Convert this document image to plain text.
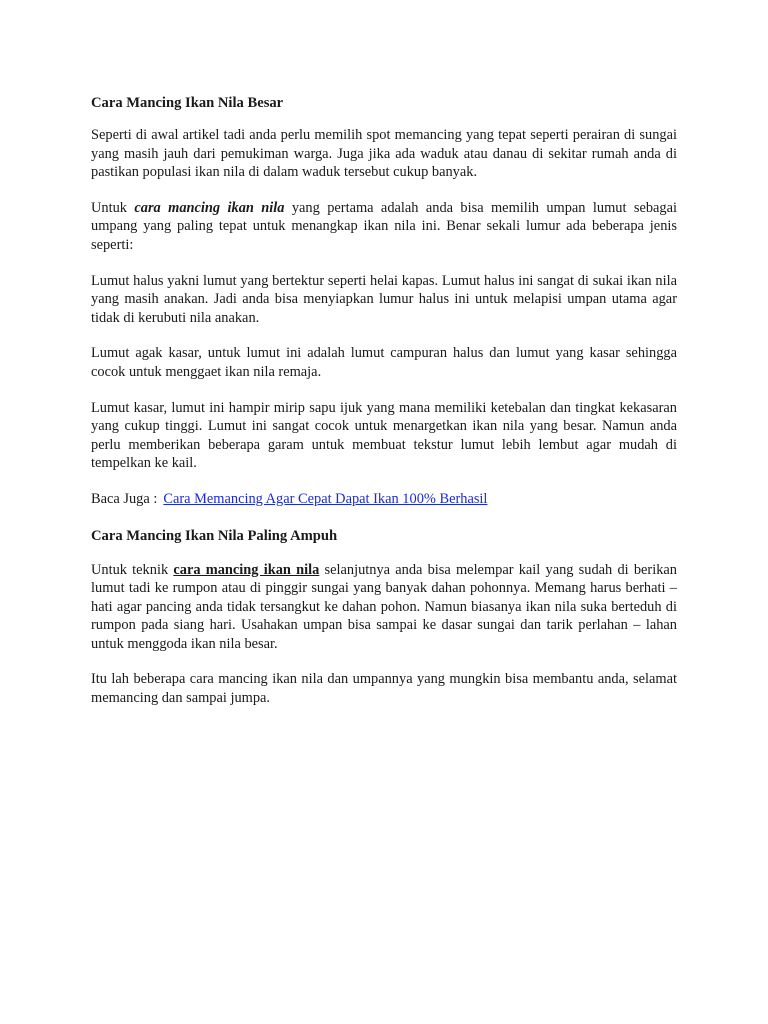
Cara Mancing Ikan Nila Besar

Seperti di awal artikel tadi anda perlu memilih spot memancing yang tepat seperti perairan di sungai yang masih jauh dari pemukiman warga. Juga jika ada waduk atau danau di sekitar rumah anda di pastikan populasi ikan nila di dalam waduk tersebut cukup banyak.

Untuk cara mancing ikan nila yang pertama adalah anda bisa memilih umpan lumut sebagai umpang yang paling tepat untuk menangkap ikan nila ini. Benar sekali lumur ada beberapa jenis seperti:

Lumut halus yakni lumut yang bertektur seperti helai kapas. Lumut halus ini sangat di sukai ikan nila yang masih anakan. Jadi anda bisa menyiapkan lumur halus ini untuk melapisi umpan utama agar tidak di kerubuti nila anakan.

Lumut agak kasar, untuk lumut ini adalah lumut campuran halus dan lumut yang kasar sehingga cocok untuk menggaet ikan nila remaja.

Lumut kasar, lumut ini hampir mirip sapu ijuk yang mana memiliki ketebalan dan tingkat kekasaran yang cukup tinggi. Lumut ini sangat cocok untuk menargetkan ikan nila yang besar. Namun anda perlu memberikan beberapa garam untuk membuat tekstur lumut lebih lembut agar mudah di tempelkan ke kail.

Baca Juga : Cara Memancing Agar Cepat Dapat Ikan 100% Berhasil
Cara Mancing Ikan Nila Paling Ampuh

Untuk teknik cara mancing ikan nila selanjutnya anda bisa melempar kail yang sudah di berikan lumut tadi ke rumpon atau di pinggir sungai yang banyak dahan pohonnya. Memang harus berhati – hati agar pancing anda tidak tersangkut ke dahan pohon. Namun biasanya ikan nila suka berteduh di rumpon pada siang hari. Usahakan umpan bisa sampai ke dasar sungai dan tarik perlahan – lahan untuk menggoda ikan nila besar.

Itu lah beberapa cara mancing ikan nila dan umpannya yang mungkin bisa membantu anda, selamat memancing dan sampai jumpa.
